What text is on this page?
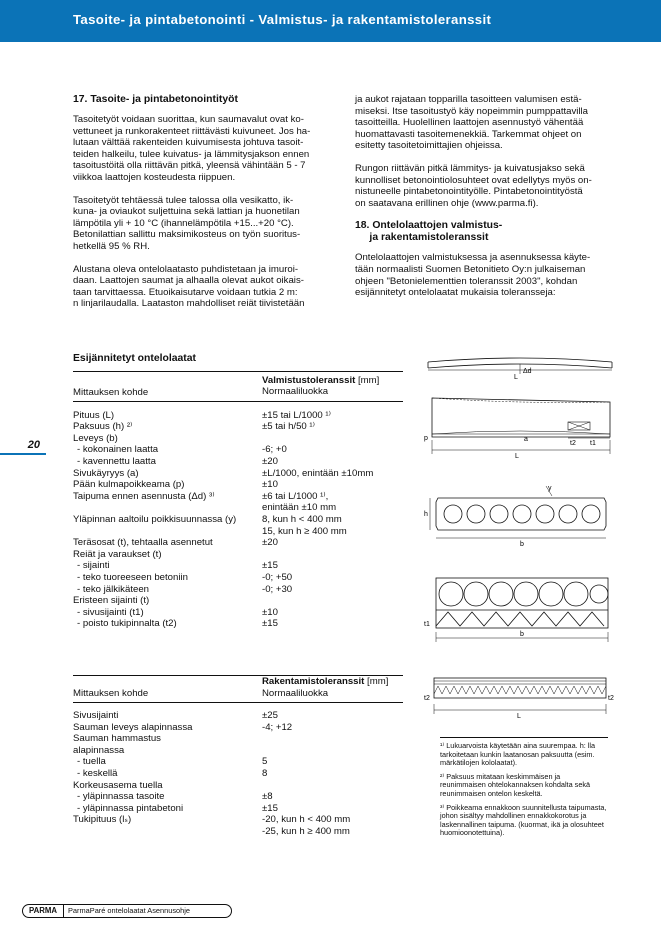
Tasoite- ja pintabetonointi - Valmistus- ja rakentamistoleranssit
17. Tasoite- ja pintabetonointityöt

Tasoitetyöt voidaan suorittaa, kun saumavalut ovat ko-
vettuneet ja runkorakenteet riittävästi kuivuneet. Jos ha-
lutaan välttää rakenteiden kuivumisesta johtuva tasoit-
teiden halkeilu, tulee kuivatus- ja lämmitysjakson ennen
tasoitustöitä olla riittävän pitkä, yleensä vähintään 5 - 7
viikkoa laattojen kosteudesta riippuen.

Tasoitetyöt tehtäessä tulee talossa olla vesikatto, ik-
kuna- ja oviaukot suljettuina sekä lattian ja huonetilan
lämpötila yli + 10 °C (ihannelämpötila +15...+20 °C).
Betonilattian sallittu maksimikosteus on työn suoritus-
hetkellä 95 % RH.

Alustana oleva ontelolaatasto puhdistetaan ja imuroi-
daan. Laattojen saumat ja alhaalla olevat aukot oikais-
taan tarvittaessa. Etuoikaisutarve voidaan tutkia 2 m:
n linjarilaudalla. Laataston mahdolliset reiät tiivistetään

ja aukot rajataan topparilla tasoitteen valumisen estä-
miseksi. Itse tasoitustyö käy nopeimmin pumppattavilla
tasoitteilla. Huolellinen laattojen asennustyö vähentää
huomattavasti tasoitemenekkiä. Tarkemmat ohjeet on
esitetty tasoitetoimittajien ohjeissa.

Rungon riittävän pitkä lämmitys- ja kuivatusjakso sekä
kunnolliset betonointiolosuhteet ovat edellytys myös on-
nistuneelle pintabetonointityölle. Pintabetonointityöstä
on saatavana erillinen ohje (www.parma.fi).

18. Ontelolaattojen valmistus-
ja rakentamistoleranssit

Ontelolaattojen valmistuksessa ja asennuksessa käyte-
tään normaalisti Suomen Betonitieto Oy:n julkaiseman
ohjeen "Betonielementtien toleranssit 2003", kohdan
esijännitetyt ontelolaatat mukaisia toleransseja:

20
Esijännitetyt ontelolaatat
Mittauksen kohde
Valmistustoleranssit [mm]
Normaaliluokka
Pituus (L)	±15 tai L/1000 ¹⁾
Paksuus (h) ²⁾	±5 tai h/50 ¹⁾
Leveys (b)
- kokonainen laatta	-6; +0
- kavennettu laatta	±20
Sivukäyryys (a)	±L/1000, enintään ±10mm
Pään kulmapoikkeama (p)	±10
Taipuma ennen asennusta (Δd) ³⁾	±6 tai L/1000 ¹⁾,
enintään ±10 mm
Yläpinnan aaltoilu poikkisuunnassa (y)	8, kun h < 400 mm
15, kun h ≥ 400 mm
Teräsosat (t), tehtaalla asennetut	±20
Reiät ja varaukset (t)
- sijainti	±15
- teko tuoreeseen betoniin	-0; +50
- teko jälkikäteen	-0; +30
Eristeen sijainti (t)
- sivusijainti (t1)	±10
- poisto tukipinnalta (t2)	±15
Mittauksen kohde
Rakentamistoleranssit [mm]
Normaaliluokka
Sivusijainti	±25
Sauman leveys alapinnassa	-4; +12
Sauman hammastus
alapinnassa
- tuella	5
- keskellä	8
Korkeusasema tuella
- yläpinnassa tasoite	±8
- yläpinnassa pintabetoni	±15
Tukipituus (lₛ)	-20, kun h < 400 mm
-25, kun h ≥ 400 mm
Δd
L
p	a
t2 t1
L
y
h
b
t1
b
t2	t2
L
¹⁾ Lukuarvoista käytetään aina suurempaa. h: lla tarkoitetaan kunkin laatanosan paksuutta (esim. märkätilojen kololaatat).
²⁾ Paksuus mitataan keskimmäisen ja reunimmaisen ohtelokannaksen kohdalta sekä reunimmaisen ontelon keskeltä.
³⁾ Poikkeama ennakkoon suunnitellusta taipumasta, johon sisältyy mahdollinen ennakkokorotus ja laskennallinen taipuma. (kuormat, ikä ja olosuhteet huomioonotettuina).
PARMA	ParmaParé ontelolaatat Asennusohje
